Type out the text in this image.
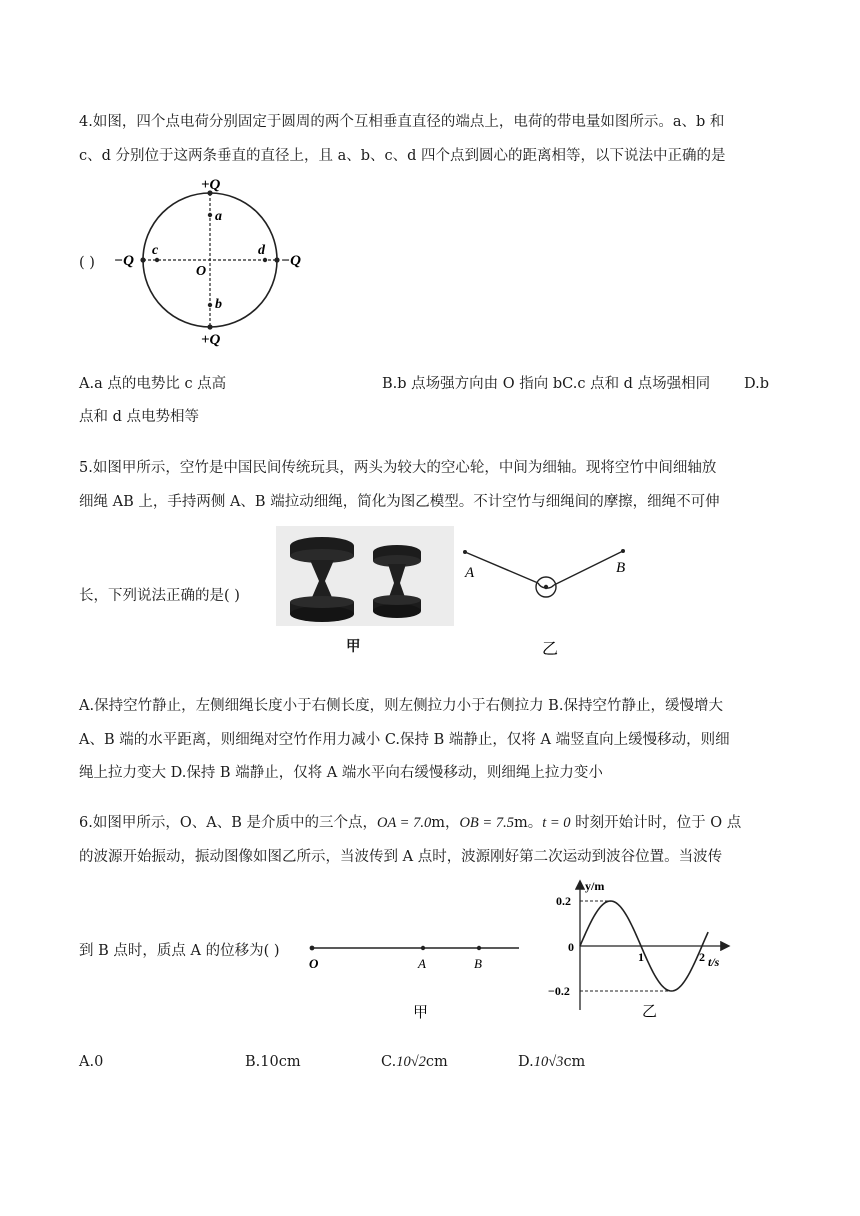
4.如图，四个点电荷分别固定于圆周的两个互相垂直直径的端点上，电荷的带电量如图所示。a、b 和
c、d 分别位于这两条垂直的直径上，且 a、b、c、d 四个点到圆心的距离相等，以下说法中正确的是
( )
+Q
+Q
−Q	−Q
a
b
c	d
O
A.a 点的电势比 c 点高	B.b 点场强方向由 O 指向 bC.c 点和 d 点场强相同 D.b
点和 d 点电势相等
5.如图甲所示，空竹是中国民间传统玩具，两头为较大的空心轮，中间为细轴。现将空竹中间细轴放
细绳 AB 上，手持两侧 A、B 端拉动细绳，简化为图乙模型。不计空竹与细绳间的摩擦，细绳不可伸
长，下列说法正确的是( )
甲
A	B
乙
A.保持空竹静止，左侧细绳长度小于右侧长度，则左侧拉力小于右侧拉力 B.保持空竹静止，缓慢增大
A、B 端的水平距离，则细绳对空竹作用力减小 C.保持 B 端静止，仅将 A 端竖直向上缓慢移动，则细
绳上拉力变大 D.保持 B 端静止，仅将 A 端水平向右缓慢移动，则细绳上拉力变小
6.如图甲所示，O、A、B 是介质中的三个点，OA = 7.0m，OB = 7.5m。t = 0 时刻开始计时，位于 O 点
的波源开始振动，振动图像如图乙所示，当波传到 A 点时，波源刚好第二次运动到波谷位置。当波传
到 B 点时，质点 A 的位移为( )
O	A	B
甲
y/m
t/s
0
0.2
−0.2
1	2
乙
A.0	B.10cm	C.10√2cm	D.10√3cm
